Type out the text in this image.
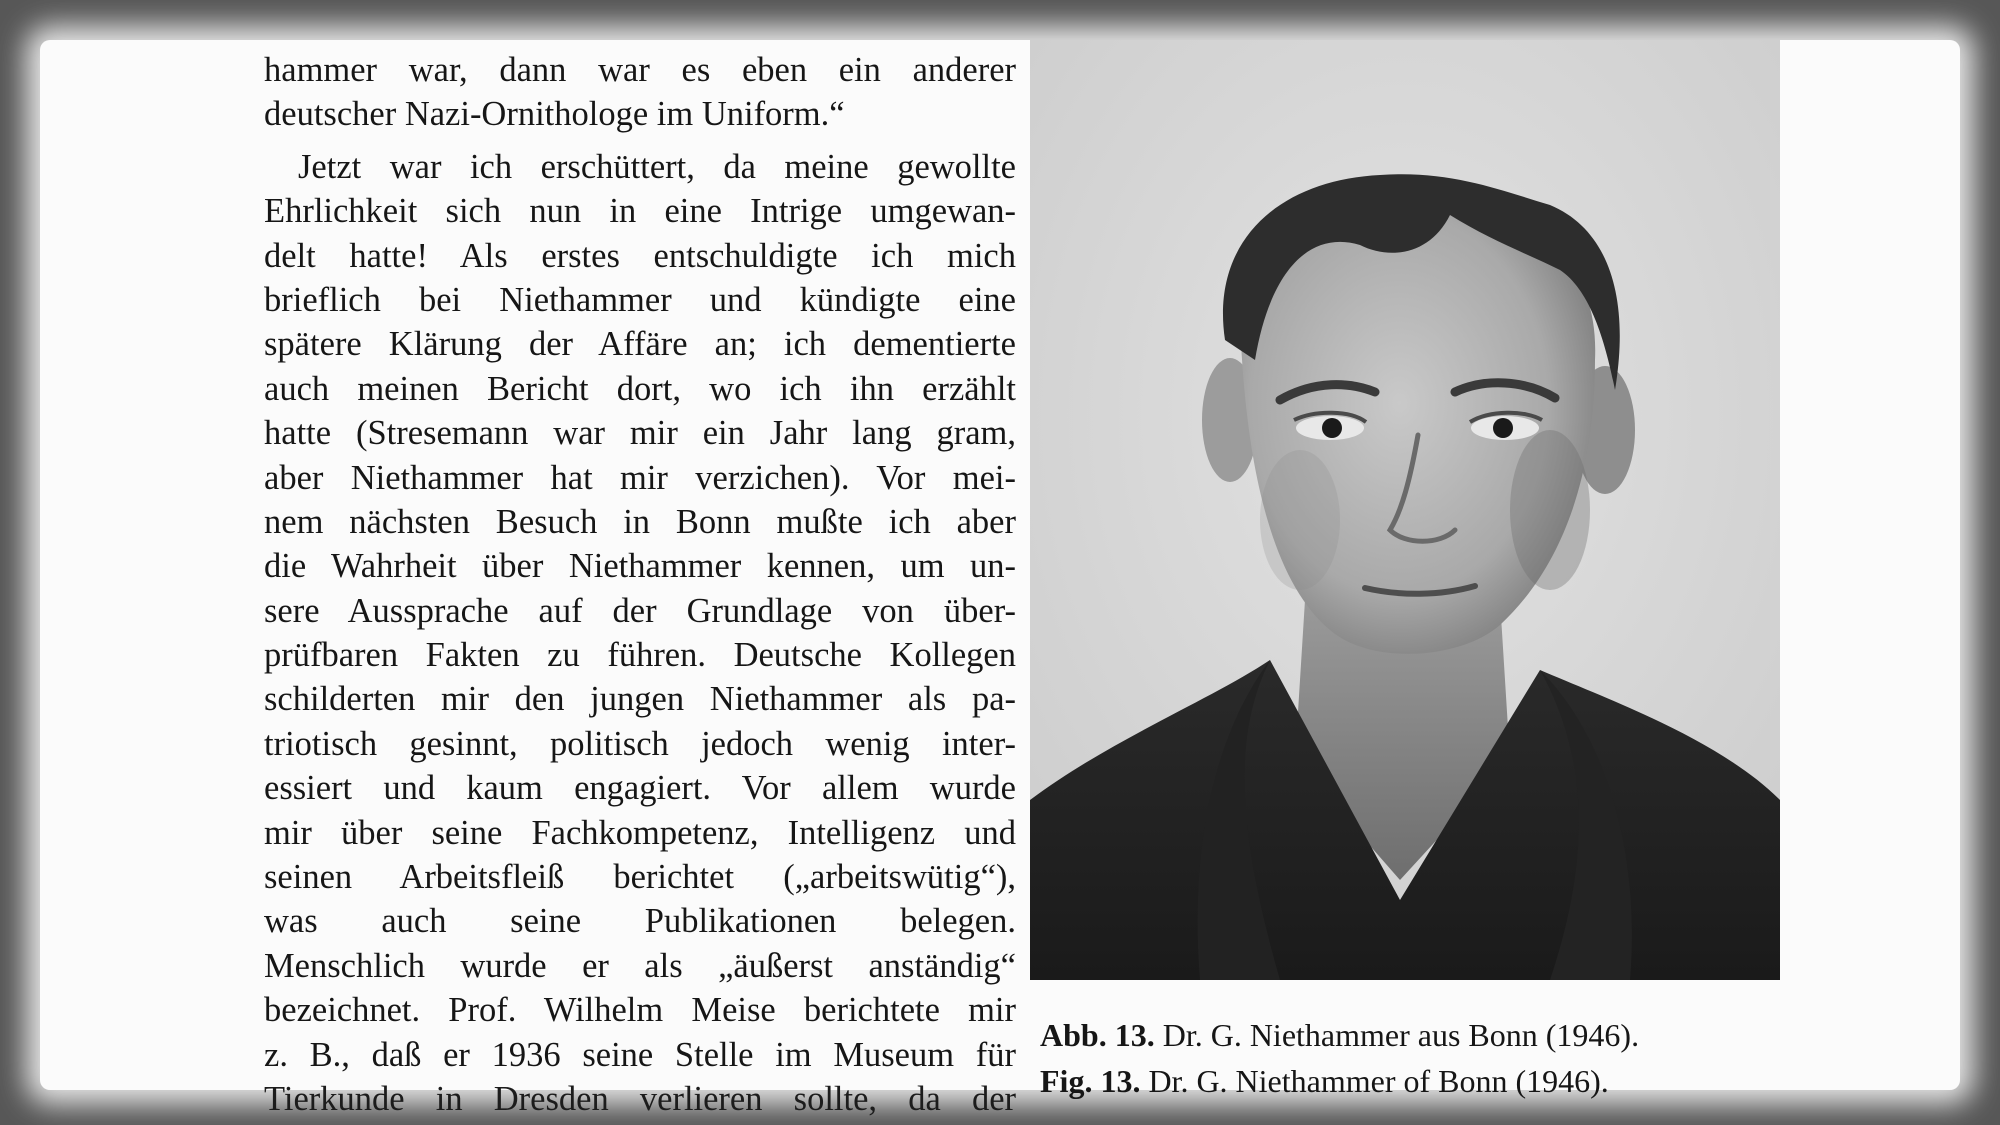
hammer war, dann war es eben ein anderer
deutscher Nazi-Ornithologe im Uniform.“
Jetzt war ich erschüttert, da meine gewollte
Ehrlichkeit sich nun in eine Intrige umgewan-
delt hatte! Als erstes entschuldigte ich mich
brieflich bei Niethammer und kündigte eine
spätere Klärung der Affäre an; ich dementierte
auch meinen Bericht dort, wo ich ihn erzählt
hatte (Stresemann war mir ein Jahr lang gram,
aber Niethammer hat mir verzichen). Vor mei-
nem nächsten Besuch in Bonn mußte ich aber
die Wahrheit über Niethammer kennen, um un-
sere Aussprache auf der Grundlage von über-
prüfbaren Fakten zu führen. Deutsche Kollegen
schilderten mir den jungen Niethammer als pa-
triotisch gesinnt, politisch jedoch wenig inter-
essiert und kaum engagiert. Vor allem wurde
mir über seine Fachkompetenz, Intelligenz und
seinen Arbeitsfleiß berichtet („arbeitswütig“),
was auch seine Publikationen belegen.
Menschlich wurde er als „äußerst anständig“
bezeichnet. Prof. Wilhelm Meise berichtete mir
z. B., daß er 1936 seine Stelle im Museum für
Tierkunde in Dresden verlieren sollte, da der
Abb. 13. Dr. G. Niethammer aus Bonn (1946).
Fig. 13. Dr. G. Niethammer of Bonn (1946).
